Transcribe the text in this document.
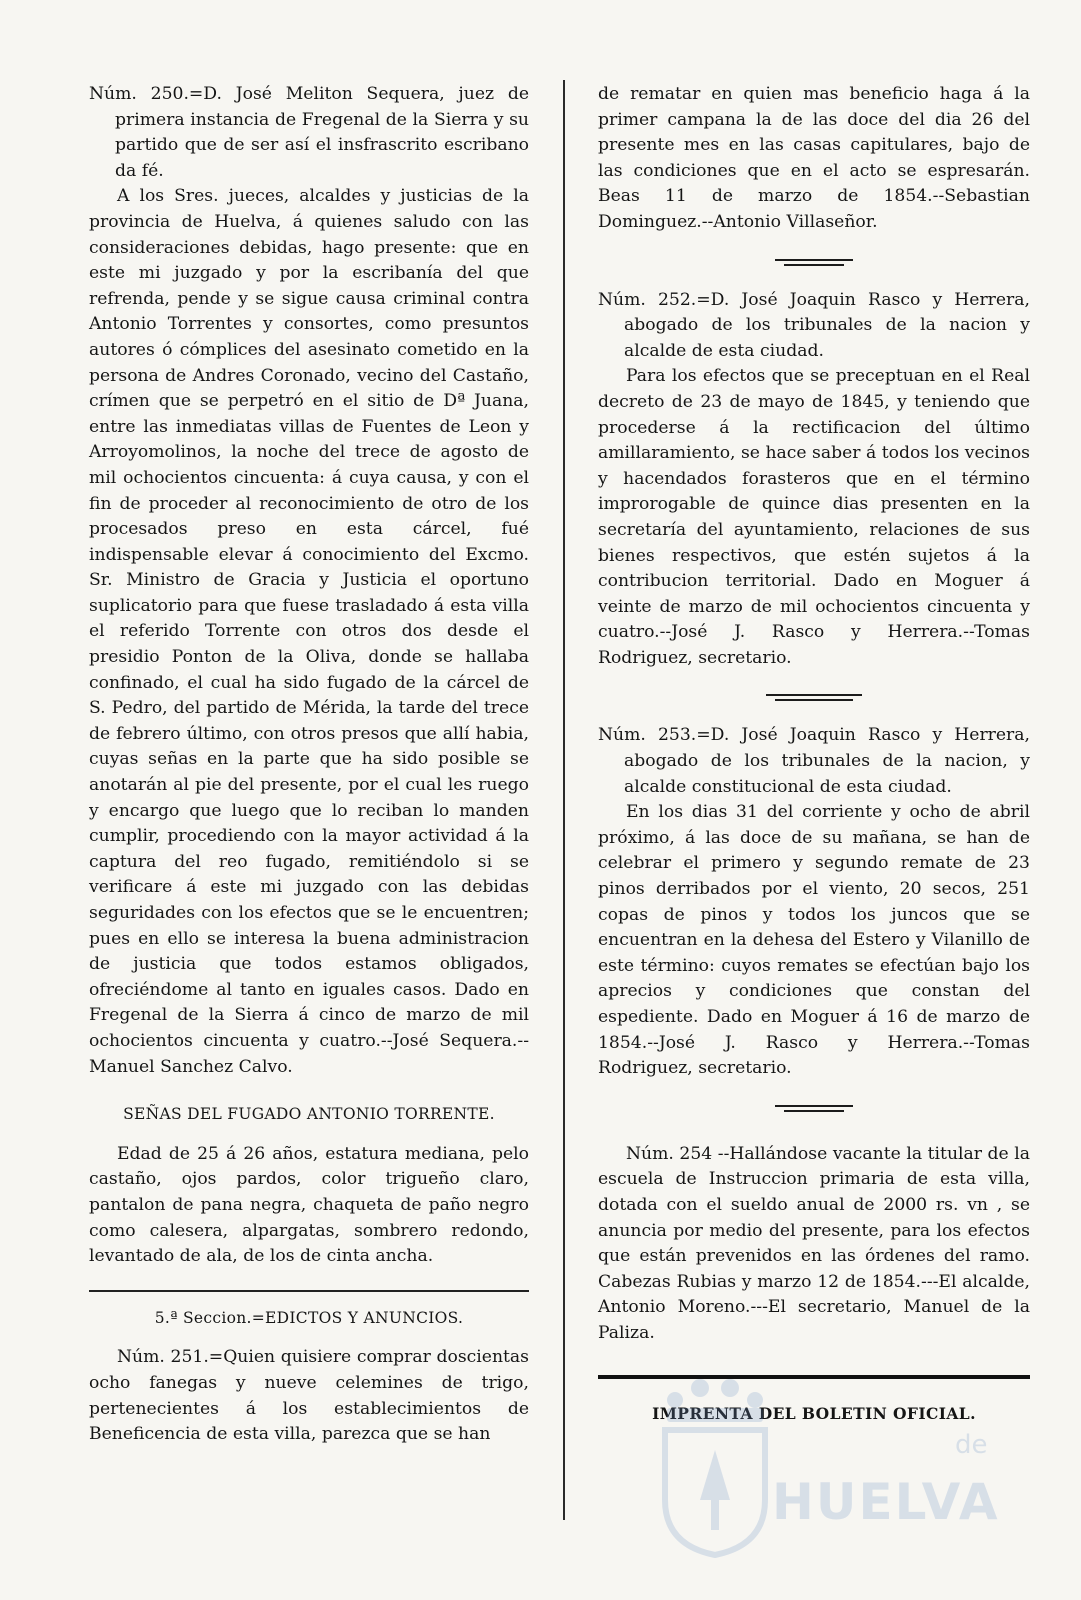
Núm. 250.=D. José Meliton Sequera, juez de primera instancia de Fregenal de la Sierra y su partido que de ser así el insfrascrito escribano da fé.

A los Sres. jueces, alcaldes y justicias de la provincia de Huelva, á quienes saludo con las consideraciones debidas, hago presente: que en este mi juzgado y por la escribanía del que refrenda, pende y se sigue causa criminal contra Antonio Torrentes y consortes, como presuntos autores ó cómplices del asesinato cometido en la persona de Andres Coronado, vecino del Castaño, crímen que se perpetró en el sitio de Dª Juana, entre las inmediatas villas de Fuentes de Leon y Arroyomolinos, la noche del trece de agosto de mil ochocientos cincuenta: á cuya causa, y con el fin de proceder al reconocimiento de otro de los procesados preso en esta cárcel, fué indispensable elevar á conocimiento del Excmo. Sr. Ministro de Gracia y Justicia el oportuno suplicatorio para que fuese trasladado á esta villa el referido Torrente con otros dos desde el presidio Ponton de la Oliva, donde se hallaba confinado, el cual ha sido fugado de la cárcel de S. Pedro, del partido de Mérida, la tarde del trece de febrero último, con otros presos que allí habia, cuyas señas en la parte que ha sido posible se anotarán al pie del presente, por el cual les ruego y encargo que luego que lo reciban lo manden cumplir, procediendo con la mayor actividad á la captura del reo fugado, remitiéndolo si se verificare á este mi juzgado con las debidas seguridades con los efectos que se le encuentren; pues en ello se interesa la buena administracion de justicia que todos estamos obligados, ofreciéndome al tanto en iguales casos. Dado en Fregenal de la Sierra á cinco de marzo de mil ochocientos cincuenta y cuatro.--José Sequera.-- Manuel Sanchez Calvo.

SEÑAS DEL FUGADO ANTONIO TORRENTE.

Edad de 25 á 26 años, estatura mediana, pelo castaño, ojos pardos, color trigueño claro, pantalon de pana negra, chaqueta de paño negro como calesera, alpargatas, sombrero redondo, levantado de ala, de los de cinta ancha.

5.ª Seccion.=EDICTOS Y ANUNCIOS.

Núm. 251.=Quien quisiere comprar doscientas ocho fanegas y nueve celemines de trigo, pertenecientes á los establecimientos de Beneficencia de esta villa, parezca que se han

de rematar en quien mas beneficio haga á la primer campana la de las doce del dia 26 del presente mes en las casas capitulares, bajo de las condiciones que en el acto se espresarán. Beas 11 de marzo de 1854.--Sebastian Dominguez.--Antonio Villaseñor.

Núm. 252.=D. José Joaquin Rasco y Herrera, abogado de los tribunales de la nacion y alcalde de esta ciudad.

Para los efectos que se preceptuan en el Real decreto de 23 de mayo de 1845, y teniendo que procederse á la rectificacion del último amillaramiento, se hace saber á todos los vecinos y hacendados forasteros que en el término improrogable de quince dias presenten en la secretaría del ayuntamiento, relaciones de sus bienes respectivos, que estén sujetos á la contribucion territorial. Dado en Moguer á veinte de marzo de mil ochocientos cincuenta y cuatro.--José J. Rasco y Herrera.--Tomas Rodriguez, secretario.

Núm. 253.=D. José Joaquin Rasco y Herrera, abogado de los tribunales de la nacion, y alcalde constitucional de esta ciudad.

En los dias 31 del corriente y ocho de abril próximo, á las doce de su mañana, se han de celebrar el primero y segundo remate de 23 pinos derribados por el viento, 20 secos, 251 copas de pinos y todos los juncos que se encuentran en la dehesa del Estero y Vilanillo de este término: cuyos remates se efectúan bajo los aprecios y condiciones que constan del espediente. Dado en Moguer á 16 de marzo de 1854.--José J. Rasco y Herrera.--Tomas Rodriguez, secretario.

Núm. 254 --Hallándose vacante la titular de la escuela de Instruccion primaria de esta villa, dotada con el sueldo anual de 2000 rs. vn , se anuncia por medio del presente, para los efectos que están prevenidos en las órdenes del ramo. Cabezas Rubias y marzo 12 de 1854.---El alcalde, Antonio Moreno.---El secretario, Manuel de la Paliza.

IMPRENTA DEL BOLETIN OFICIAL.

de
HUELVA
